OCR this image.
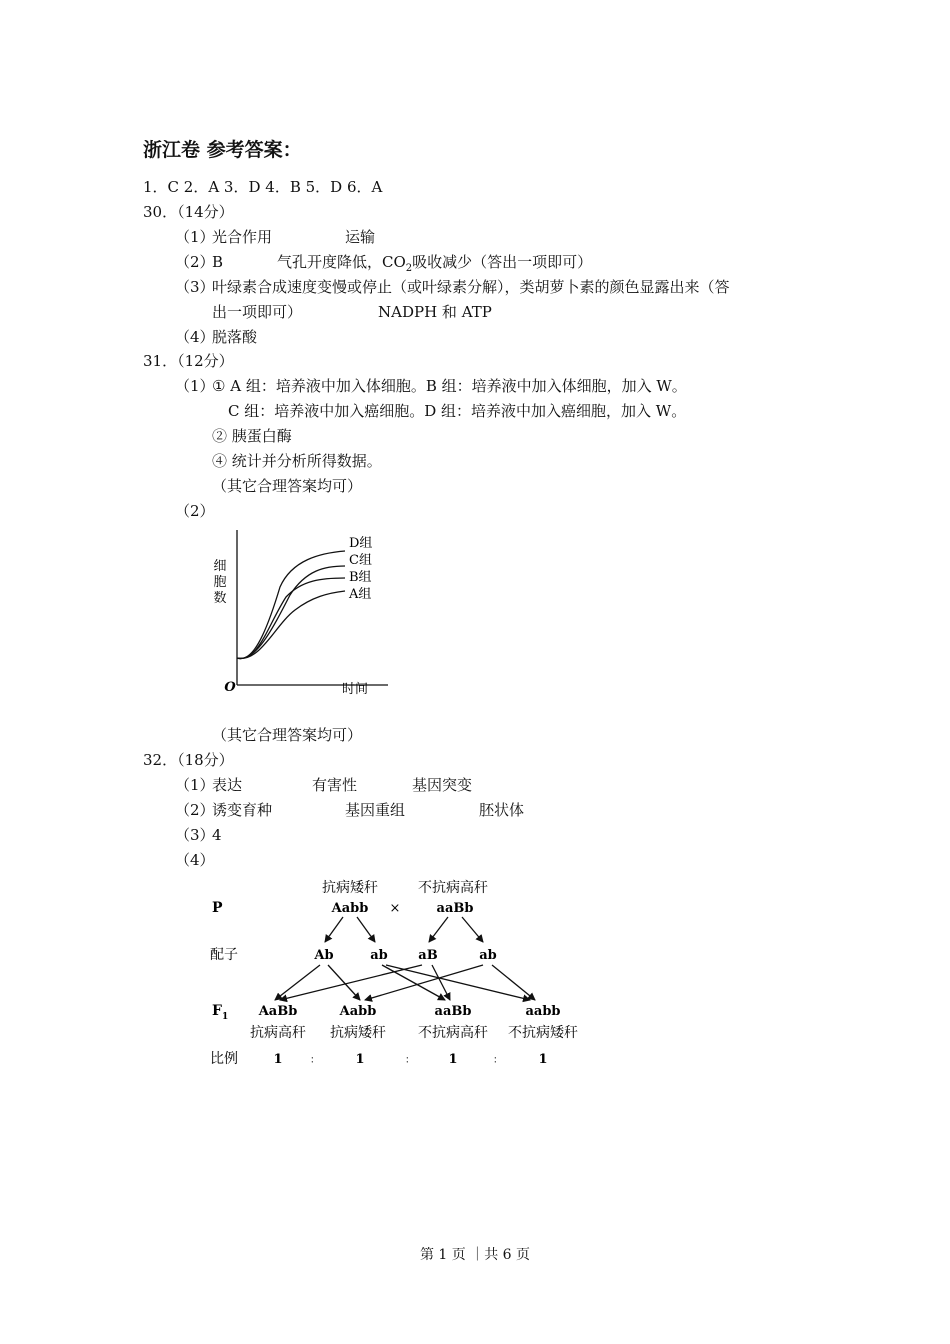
浙江卷 参考答案：
1．C 2．A 3．D 4．B 5．D 6．A
30．（14分）
（1）
光合作用	运输
（2）
B	气孔开度降低，$CO_2$吸收减少（答出一项即可）
（3）
叶绿素合成速度变慢或停止（或叶绿素分解），类胡萝卜素的颜色显露出来（答
出一项即可）	NADPH 和 ATP
（4）
脱落酸
31．（12分）
（1）
① A 组：培养液中加入体细胞。B 组：培养液中加入体细胞，加入 W。
C 组：培养液中加入癌细胞。D 组：培养液中加入癌细胞，加入 W。
② 胰蛋白酶
④ 统计并分析所得数据。
（其它合理答案均可）
（2）
细
胞
数
O	时间
D组
C组
B组
A组
（其它合理答案均可）
32．（18分）
（1）
表达	有害性	基因突变
（2）
诱变育种	基因重组	胚状体
（3）
4
（4）
P
抗病矮秆	不抗病高秆
Aabb ×	aaBb
配子	Ab	ab aB	ab
$F_1$ AaBb	Aabb	aaBb	aabb
抗病高秆 抗病矮秆 不抗病高秆 不抗病矮秆
比例	1	：	1	：	1	：	1
第 1 页 ｜共 6 页
